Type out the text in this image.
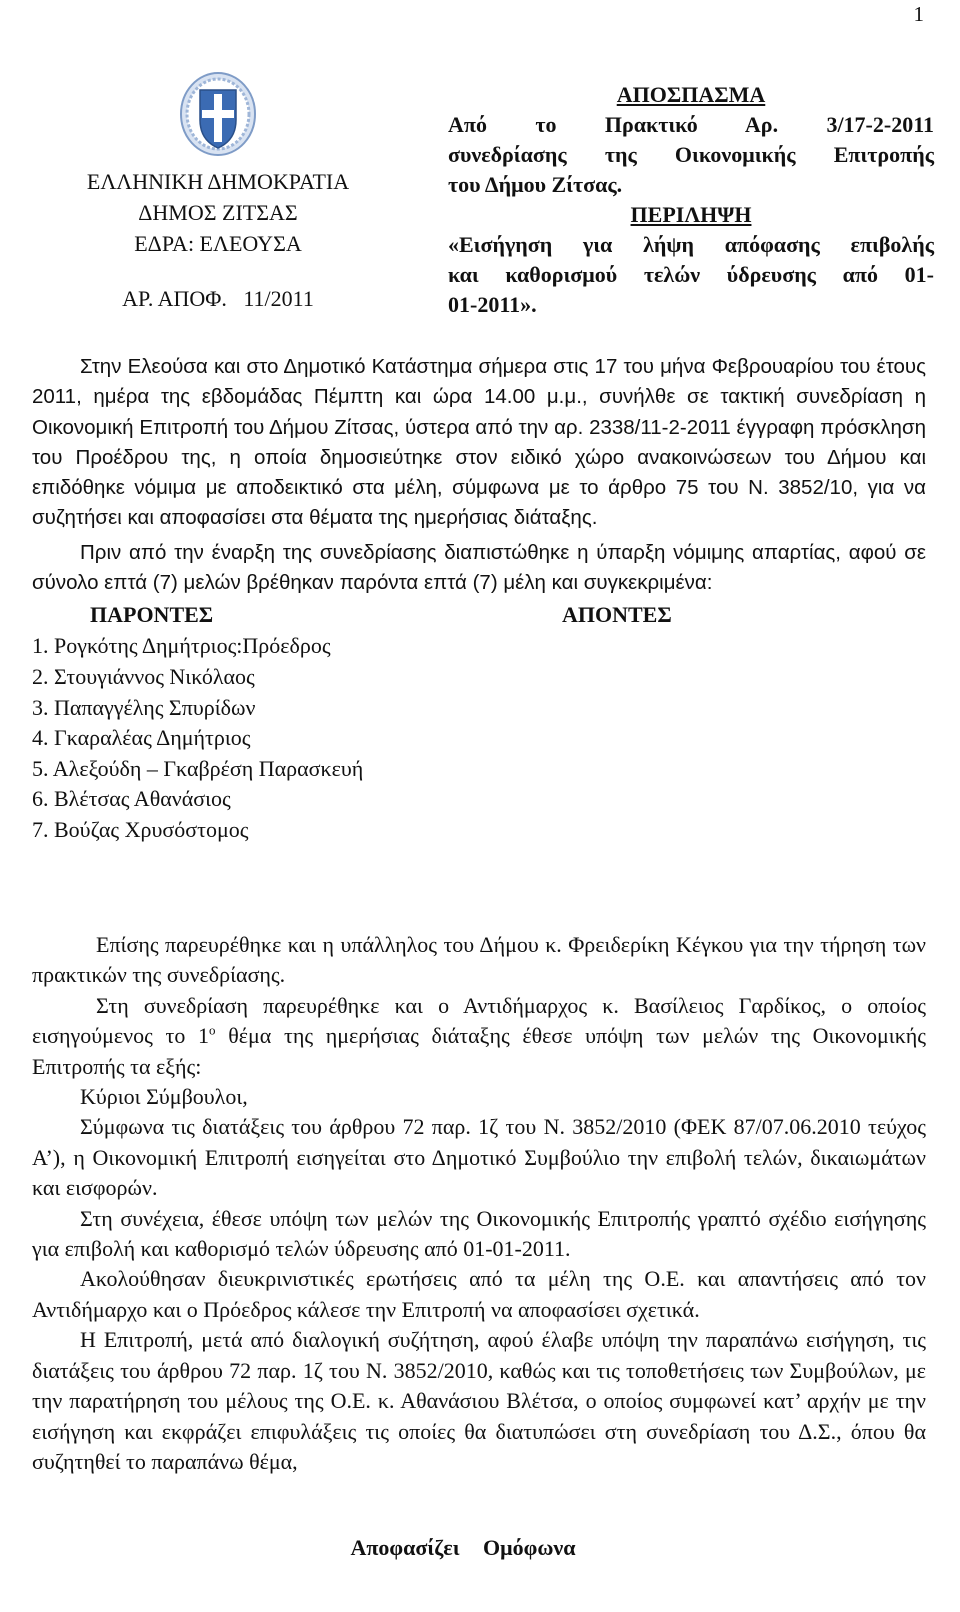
1
ΕΛΛΗΝΙΚΗ ΔΗΜΟΚΡΑΤΙΑ
ΔΗΜΟΣ ΖΙΤΣΑΣ
ΕΔΡΑ: ΕΛΕΟΥΣΑ
ΑΡ. ΑΠΟΦ.   11/2011
ΑΠΟΣΠΑΣΜΑ
Από το Πρακτικό Αρ. 3/17-2-2011
συνεδρίασης της Οικονομικής Επιτροπής
του Δήμου Ζίτσας.
ΠΕΡΙΛΗΨΗ
«Εισήγηση για λήψη απόφασης επιβολής
και καθορισμού τελών ύδρευσης από 01-
01-2011».

Στην Ελεούσα και στο Δημοτικό Κατάστημα σήμερα στις 17 του μήνα Φεβρουαρίου του έτους 2011, ημέρα της εβδομάδας Πέμπτη και ώρα 14.00 μ.μ., συνήλθε σε τακτική συνεδρίαση η Οικονομική Επιτροπή του Δήμου Ζίτσας, ύστερα από την αρ. 2338/11-2-2011 έγγραφη πρόσκληση του Προέδρου της, η οποία δημοσιεύτηκε στον ειδικό χώρο ανακοινώσεων του Δήμου και επιδόθηκε νόμιμα με αποδεικτικό στα μέλη, σύμφωνα με το άρθρο 75 του Ν. 3852/10, για να συζητήσει και αποφασίσει στα θέματα της ημερήσιας διάταξης.

Πριν από την έναρξη της συνεδρίασης διαπιστώθηκε η ύπαρξη νόμιμης απαρτίας, αφού σε σύνολο επτά (7) μελών βρέθηκαν παρόντα επτά (7) μέλη και συγκεκριμένα:

ΠΑΡΟΝΤΕΣ	ΑΠΟΝΤΕΣ
1. Ρογκότης Δημήτριος:Πρόεδρος
2. Στουγιάννος Νικόλαος
3. Παπαγγέλης Σπυρίδων
4. Γκαραλέας Δημήτριος
5. Αλεξούδη – Γκαβρέση Παρασκευή
6. Βλέτσας Αθανάσιος
7. Βούζας Χρυσόστομος

Επίσης παρευρέθηκε και η υπάλληλος του Δήμου κ. Φρειδερίκη Κέγκου για την τήρηση των πρακτικών της συνεδρίασης.

Στη συνεδρίαση παρευρέθηκε και ο Αντιδήμαρχος κ. Βασίλειος Γαρδίκος, ο οποίος εισηγούμενος το $1^o$ θέμα της ημερήσιας διάταξης έθεσε υπόψη των μελών της Οικονομικής Επιτροπής τα εξής:

Κύριοι Σύμβουλοι,

Σύμφωνα τις διατάξεις του άρθρου 72 παρ. 1ζ του Ν. 3852/2010 (ΦΕΚ 87/07.06.2010 τεύχος Α’), η Οικονομική Επιτροπή εισηγείται στο Δημοτικό Συμβούλιο την επιβολή τελών, δικαιωμάτων και εισφορών.

Στη συνέχεια, έθεσε υπόψη των μελών της Οικονομικής Επιτροπής γραπτό σχέδιο εισήγησης για επιβολή και καθορισμό τελών ύδρευσης από 01-01-2011.

Ακολούθησαν διευκρινιστικές ερωτήσεις από τα μέλη της Ο.Ε. και απαντήσεις από τον Αντιδήμαρχο και ο Πρόεδρος κάλεσε την Επιτροπή να αποφασίσει σχετικά.

Η Επιτροπή, μετά από διαλογική συζήτηση, αφού έλαβε υπόψη την παραπάνω εισήγηση, τις διατάξεις του άρθρου 72 παρ. 1ζ του Ν. 3852/2010, καθώς και τις τοποθετήσεις των Συμβούλων, με την παρατήρηση του μέλους της Ο.Ε. κ. Αθανάσιου Βλέτσα, ο οποίος συμφωνεί κατ’ αρχήν με την εισήγηση και εκφράζει επιφυλάξεις τις οποίες θα διατυπώσει στη συνεδρίαση του Δ.Σ., όπου θα συζητηθεί το παραπάνω θέμα,

Αποφασίζει Ομόφωνα
